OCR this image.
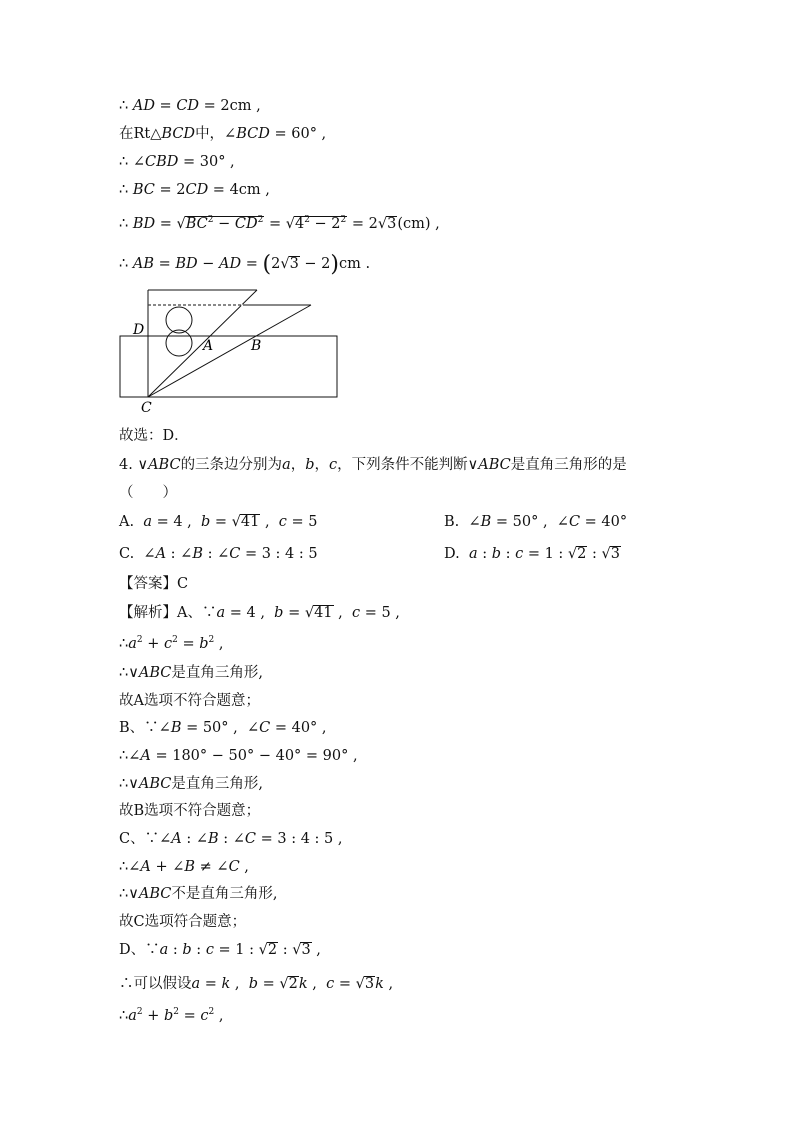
∴ AD = CD = 2cm ,
在Rt△BCD中，∠BCD = 60° ,
∴ ∠CBD = 30° ,
∴ BC = 2CD = 4cm ,
∴ BD = $√BC^2 - CD^2 = √4^2 - 2^2 = 2√3(cm)$ ,
∴ AB = BD − AD = (2√3 − 2)cm .
D
A	B
C
故选：D．
4. ∨ABC的三条边分别为a，b，c，下列条件不能判断∨ABC是直角三角形的是
（　　）
A.  a = 4 ,  b = √41 ,  c = 5	B.  ∠B = 50° ,  ∠C = 40°
C.  ∠A : ∠B : ∠C = 3 : 4 : 5	D.  a : b : c = 1 : √2 : √3
【答案】C
【解析】A、∵a = 4 ,  b = √41 ,  c = 5 ,
$\therefore a^2 + c^2 = b^2$ ,
∴∨ABC是直角三角形,
故A选项不符合题意；
B、∵∠B = 50° ,  ∠C = 40° ,
∴∠A = 180° − 50° − 40° = 90° ,
∴∨ABC是直角三角形,
故B选项不符合题意；
C、∵∠A : ∠B : ∠C = 3 : 4 : 5 ,
∴∠A + ∠B ≠ ∠C ,
∴∨ABC不是直角三角形,
故C选项符合题意；
D、∵a : b : c = 1 : √2 : √3 ,
∴可以假设a = k ,  b = √2k ,  c = √3k ,
$\therefore a^2 + b^2 = c^2$ ,
